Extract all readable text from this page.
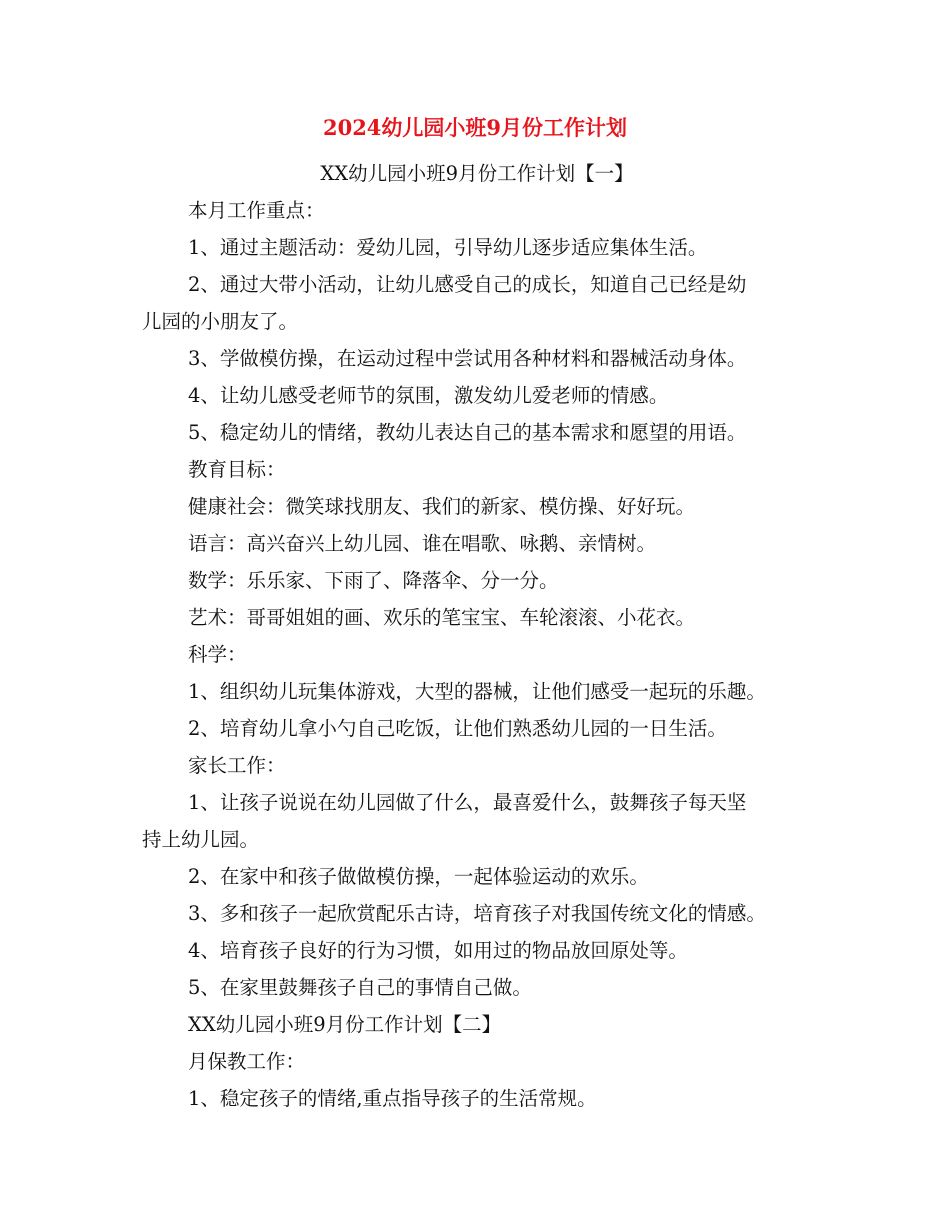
2024幼儿园小班9月份工作计划
XX幼儿园小班9月份工作计划【一】
本月工作重点：
1、通过主题活动：爱幼儿园，引导幼儿逐步适应集体生活。
2、通过大带小活动，让幼儿感受自己的成长，知道自己已经是幼
儿园的小朋友了。
3、学做模仿操，在运动过程中尝试用各种材料和器械活动身体。
4、让幼儿感受老师节的氛围，激发幼儿爱老师的情感。
5、稳定幼儿的情绪，教幼儿表达自己的基本需求和愿望的用语。
教育目标：
健康社会：微笑球找朋友、我们的新家、模仿操、好好玩。
语言：高兴奋兴上幼儿园、谁在唱歌、咏鹅、亲情树。
数学：乐乐家、下雨了、降落伞、分一分。
艺术：哥哥姐姐的画、欢乐的笔宝宝、车轮滚滚、小花衣。
科学：
1、组织幼儿玩集体游戏，大型的器械，让他们感受一起玩的乐趣。
2、培育幼儿拿小勺自己吃饭，让他们熟悉幼儿园的一日生活。
家长工作：
1、让孩子说说在幼儿园做了什么，最喜爱什么，鼓舞孩子每天坚
持上幼儿园。
2、在家中和孩子做做模仿操，一起体验运动的欢乐。
3、多和孩子一起欣赏配乐古诗，培育孩子对我国传统文化的情感。
4、培育孩子良好的行为习惯，如用过的物品放回原处等。
5、在家里鼓舞孩子自己的事情自己做。
XX幼儿园小班9月份工作计划【二】
月保教工作：
1、稳定孩子的情绪,重点指导孩子的生活常规。
